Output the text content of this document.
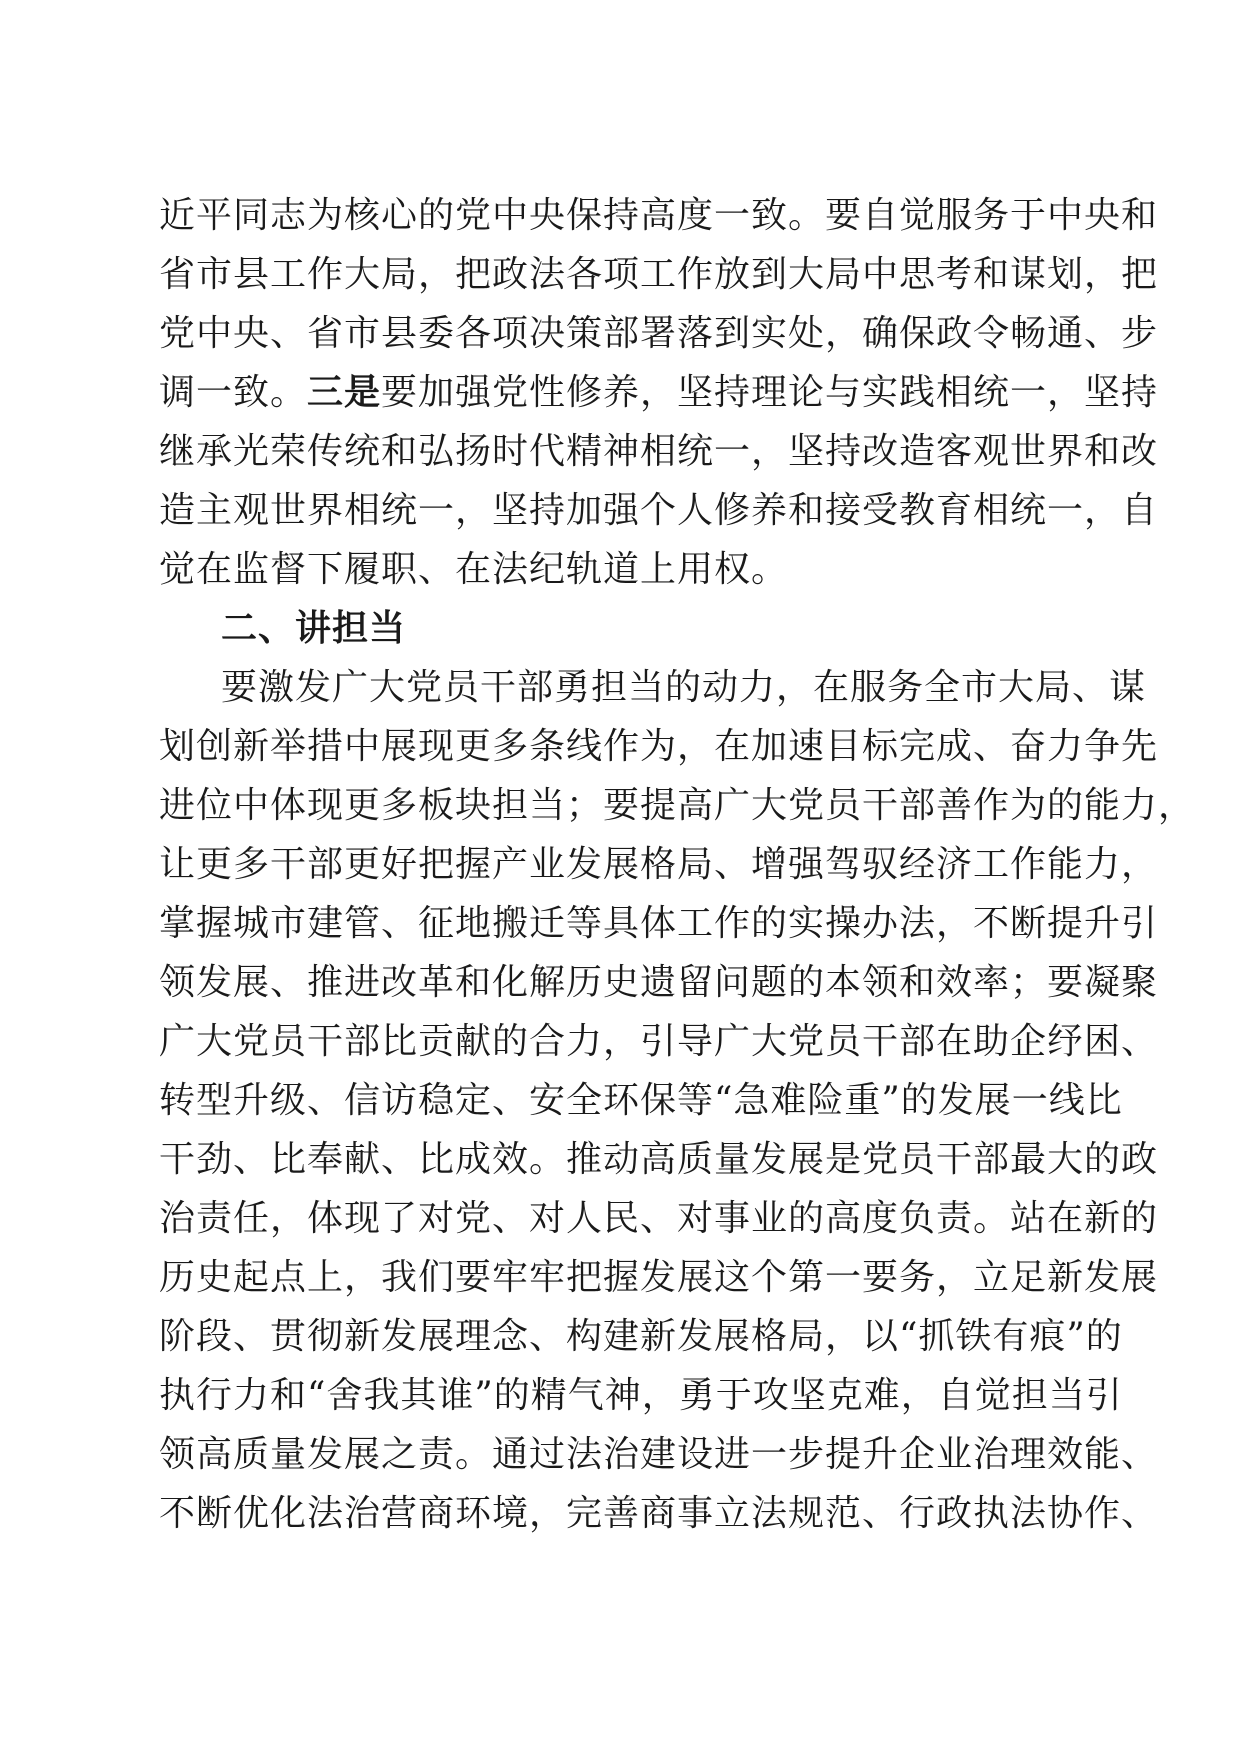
近平同志为核心的党中央保持高度一致。要自觉服务于中央和
省市县工作大局，把政法各项工作放到大局中思考和谋划，把
党中央、省市县委各项决策部署落到实处，确保政令畅通、步
调一致。三是要加强党性修养，坚持理论与实践相统一，坚持
继承光荣传统和弘扬时代精神相统一，坚持改造客观世界和改
造主观世界相统一，坚持加强个人修养和接受教育相统一，自
觉在监督下履职、在法纪轨道上用权。
二、讲担当
要激发广大党员干部勇担当的动力，在服务全市大局、谋
划创新举措中展现更多条线作为，在加速目标完成、奋力争先
进位中体现更多板块担当；要提高广大党员干部善作为的能力，
让更多干部更好把握产业发展格局、增强驾驭经济工作能力，
掌握城市建管、征地搬迁等具体工作的实操办法，不断提升引
领发展、推进改革和化解历史遗留问题的本领和效率；要凝聚
广大党员干部比贡献的合力，引导广大党员干部在助企纾困、
转型升级、信访稳定、安全环保等“急难险重”的发展一线比
干劲、比奉献、比成效。推动高质量发展是党员干部最大的政
治责任，体现了对党、对人民、对事业的高度负责。站在新的
历史起点上，我们要牢牢把握发展这个第一要务，立足新发展
阶段、贯彻新发展理念、构建新发展格局，以“抓铁有痕”的
执行力和“舍我其谁”的精气神，勇于攻坚克难，自觉担当引
领高质量发展之责。通过法治建设进一步提升企业治理效能、
不断优化法治营商环境，完善商事立法规范、行政执法协作、
